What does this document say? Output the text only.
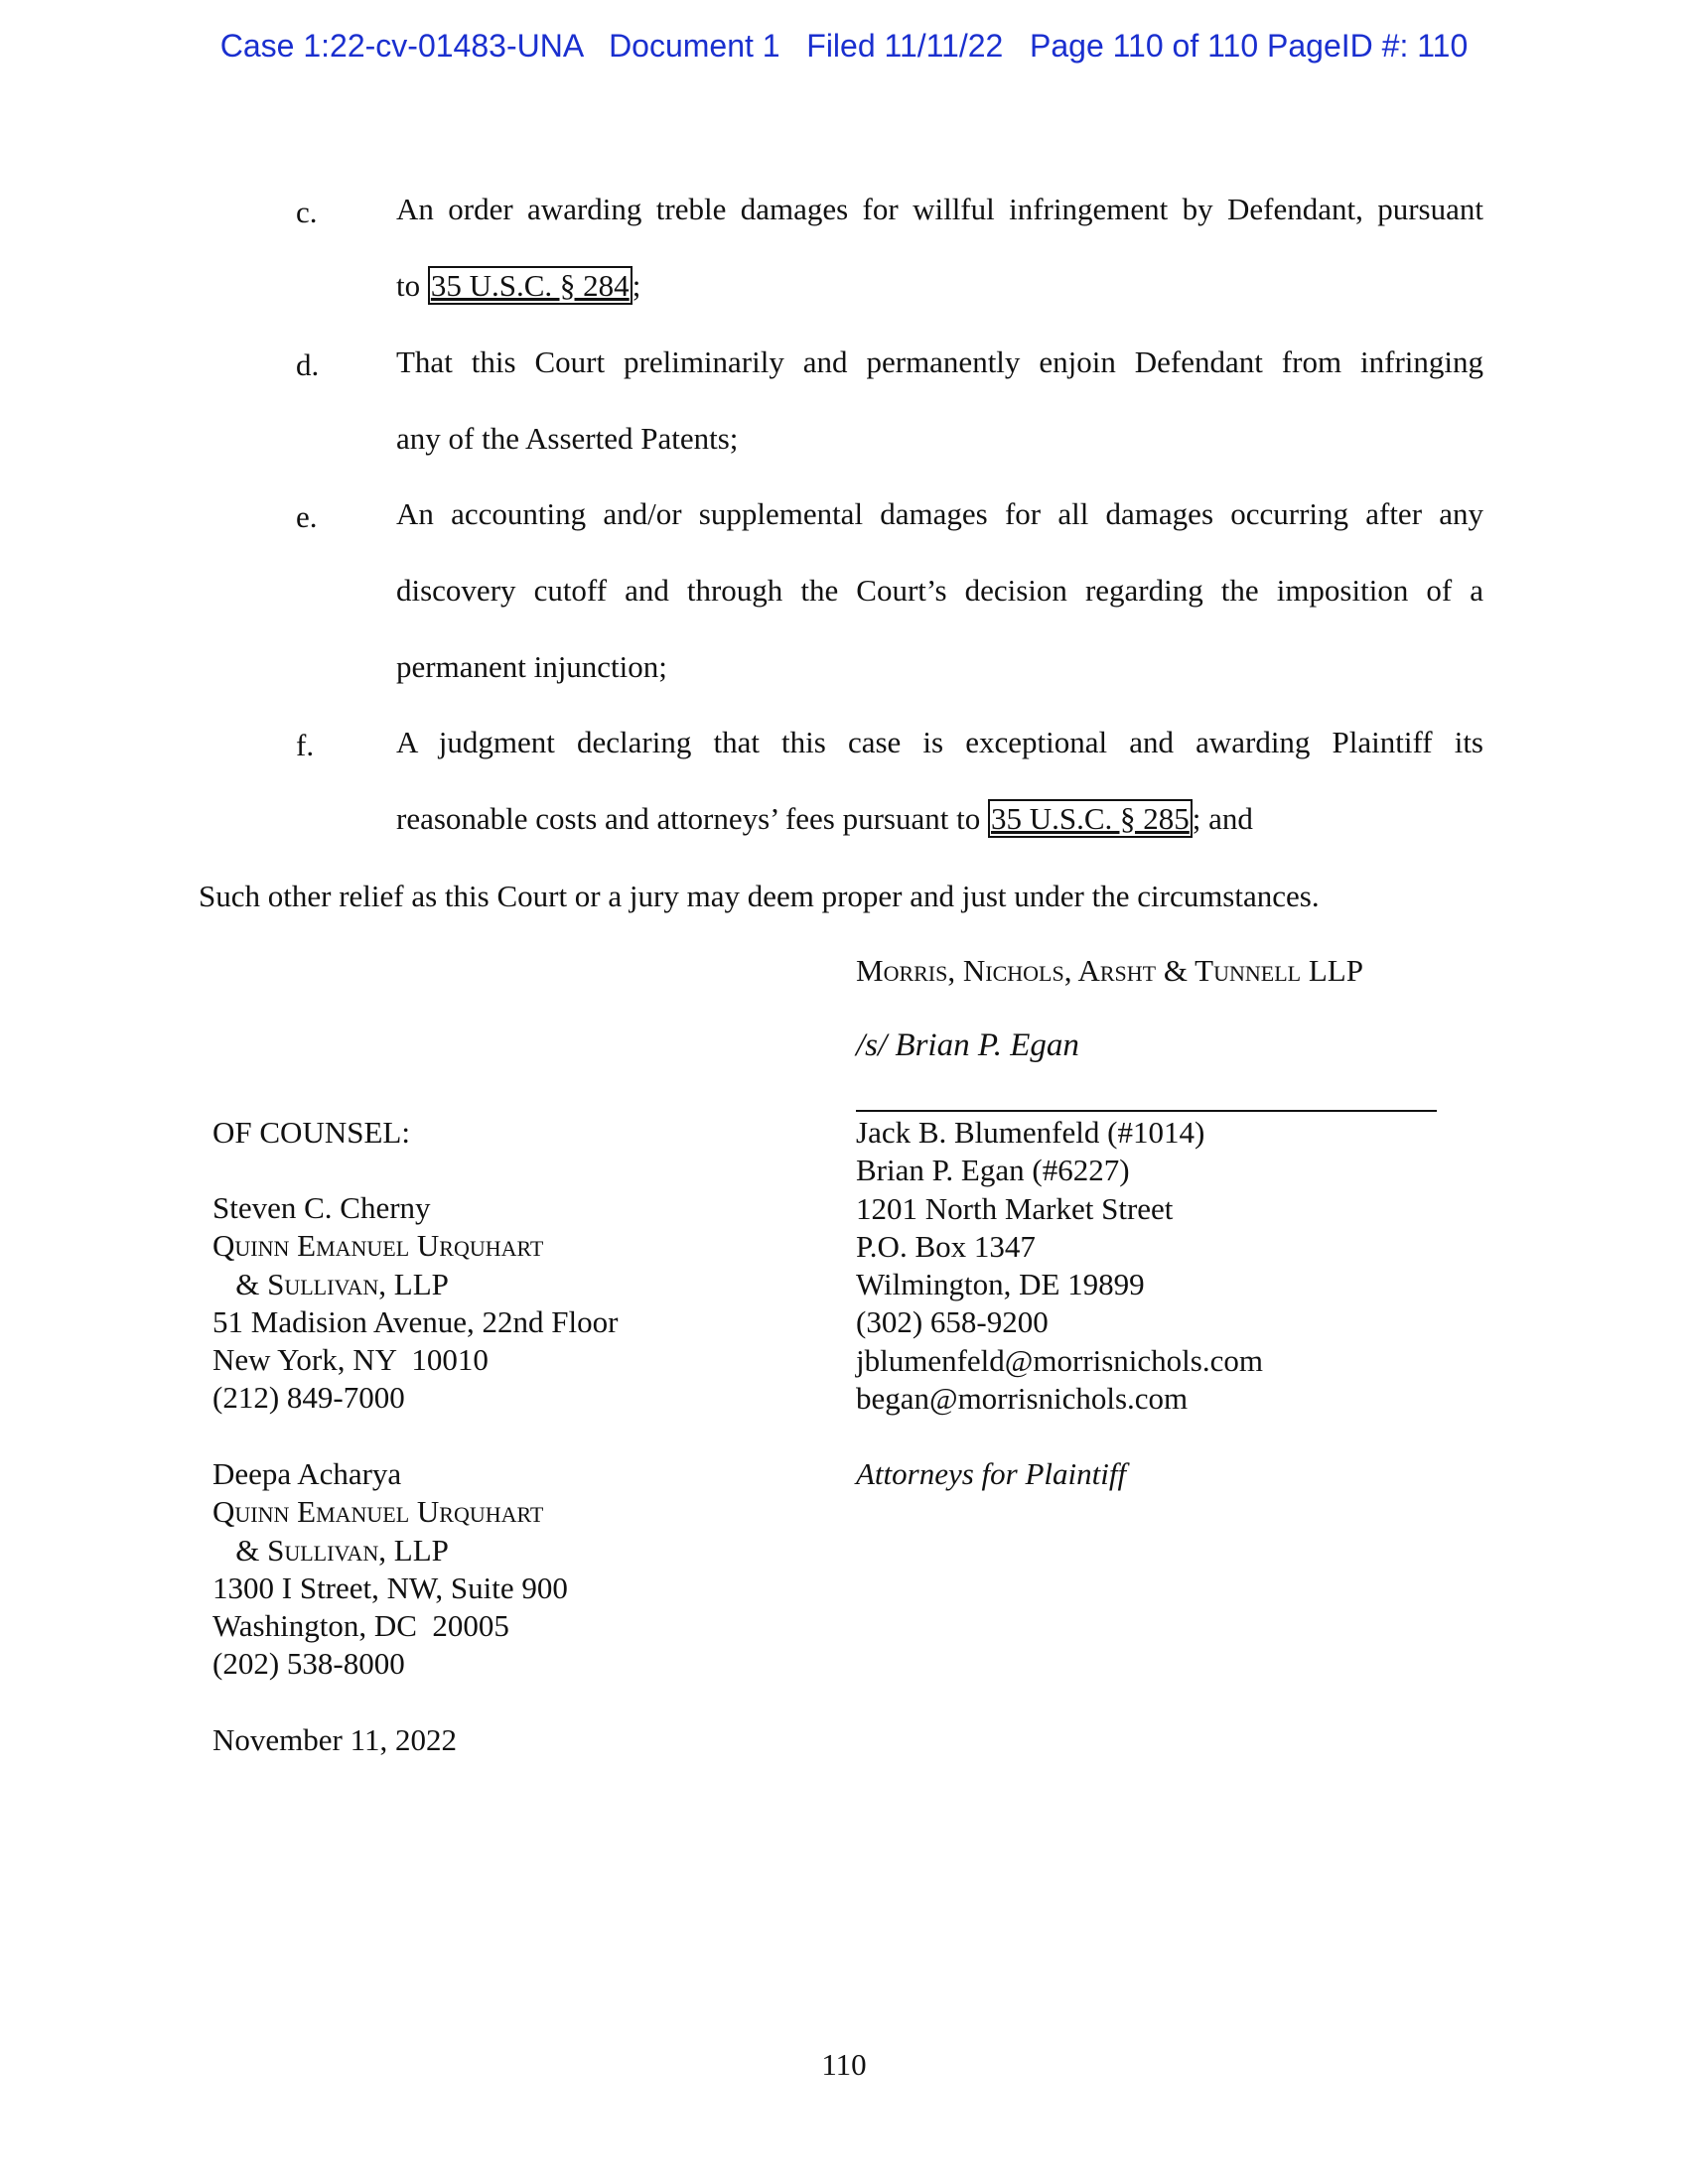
Case 1:22-cv-01483-UNA Document 1 Filed 11/11/22 Page 110 of 110 PageID #: 110
c.	An order awarding treble damages for willful infringement by Defendant, pursuant
to 35 U.S.C. § 284;
d.	That this Court preliminarily and permanently enjoin Defendant from infringing
any of the Asserted Patents;
e.	An accounting and/or supplemental damages for all damages occurring after any
discovery cutoff and through the Court’s decision regarding the imposition of a
permanent injunction;
f.	A judgment declaring that this case is exceptional and awarding Plaintiff its
reasonable costs and attorneys’ fees pursuant to 35 U.S.C. § 285; and
Such other relief as this Court or a jury may deem proper and just under the circumstances.
Morris, Nichols, Arsht & Tunnell LLP
/s/ Brian P. Egan
OF COUNSEL:
Steven C. Cherny
Quinn Emanuel Urquhart
& Sullivan, LLP
51 Madision Avenue, 22nd Floor
New York, NY  10010
(212) 849-7000
Deepa Acharya
Quinn Emanuel Urquhart
& Sullivan, LLP
1300 I Street, NW, Suite 900
Washington, DC  20005
(202) 538-8000
November 11, 2022
Jack B. Blumenfeld (#1014)
Brian P. Egan (#6227)
1201 North Market Street
P.O. Box 1347
Wilmington, DE 19899
(302) 658-9200
jblumenfeld@morrisnichols.com
began@morrisnichols.com
Attorneys for Plaintiff
110
